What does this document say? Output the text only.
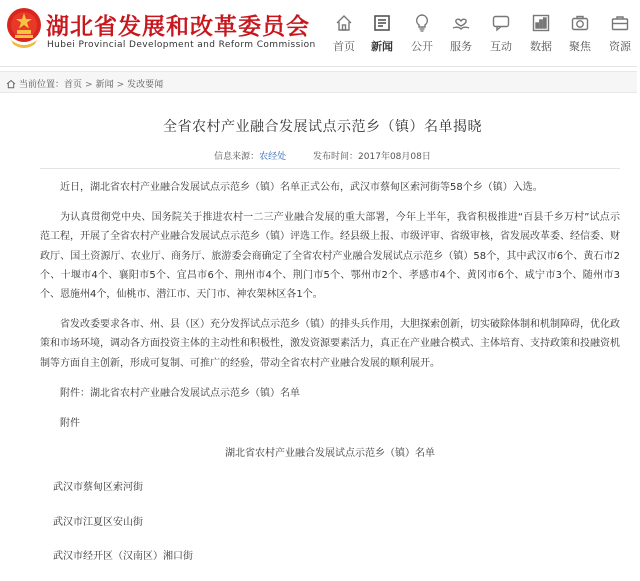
湖北省发展和改革委员会
Hubei Provincial Development and Reform Commission	首页	新闻	公开	服务	互动	数据	聚焦	资源
当前位置：首页 > 新闻 > 发改要闻
全省农村产业融合发展试点示范乡（镇）名单揭晓
信息来源：农经处	发布时间：2017年08月08日

近日，湖北省农村产业融合发展试点示范乡（镇）名单正式公布，武汉市蔡甸区索河街等58个乡（镇）入选。

为认真贯彻党中央、国务院关于推进农村一二三产业融合发展的重大部署，今年上半年，我省积极推进“百县千乡万村”试点示范工程，开展了全省农村产业融合发展试点示范乡（镇）评选工作。经县级上报、市级评审、省级审核，省发展改革委、经信委、财政厅、国土资源厅、农业厅、商务厅、旅游委会商确定了全省农村产业融合发展试点示范乡（镇）58个，其中武汉市6个、黄石市2个、十堰市4个、襄阳市5个、宜昌市6个、荆州市4个、荆门市5个、鄂州市2个、孝感市4个、黄冈市6个、咸宁市3个、随州市3个、恩施州4个，仙桃市、潜江市、天门市、神农架林区各1个。

省发改委要求各市、州、县（区）充分发挥试点示范乡（镇）的排头兵作用，大胆探索创新，切实破除体制和机制障碍，优化政策和市场环境，调动各方面投资主体的主动性和积极性，激发资源要素活力，真正在产业融合模式、主体培育、支持政策和投融资机制等方面自主创新，形成可复制、可推广的经验，带动全省农村产业融合发展的顺利展开。

附件：湖北省农村产业融合发展试点示范乡（镇）名单
附件
湖北省农村产业融合发展试点示范乡（镇）名单
武汉市蔡甸区索河街
武汉市江夏区安山街
武汉市经开区（汉南区）湘口街
